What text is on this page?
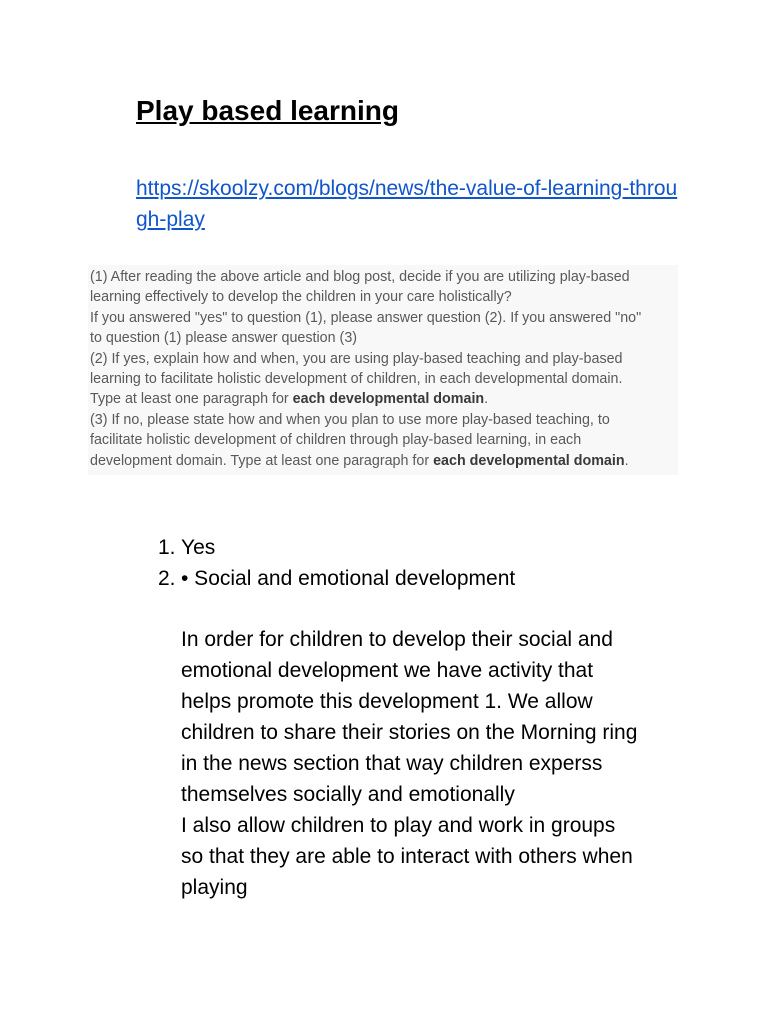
Play based learning
https://skoolzy.com/blogs/news/the-value-of-learning-through-play
(1) After reading the above article and blog post, decide if you are utilizing play-based
learning effectively to develop the children in your care holistically?
If you answered "yes" to question (1), please answer question (2). If you answered "no"
to question (1) please answer question (3)
(2) If yes, explain how and when, you are using play-based teaching and play-based
learning to facilitate holistic development of children, in each developmental domain.
Type at least one paragraph for each developmental domain.
(3) If no, please state how and when you plan to use more play-based teaching, to
facilitate holistic development of children through play-based learning, in each
development domain. Type at least one paragraph for each developmental domain.
1. Yes
2. • Social and emotional development
In order for children to develop their social and
emotional development we have activity that
helps promote this development 1. We allow
children to share their stories on the Morning ring
in the news section that way children experss
themselves socially and emotionally
I also allow children to play and work in groups
so that they are able to interact with others when
playing
